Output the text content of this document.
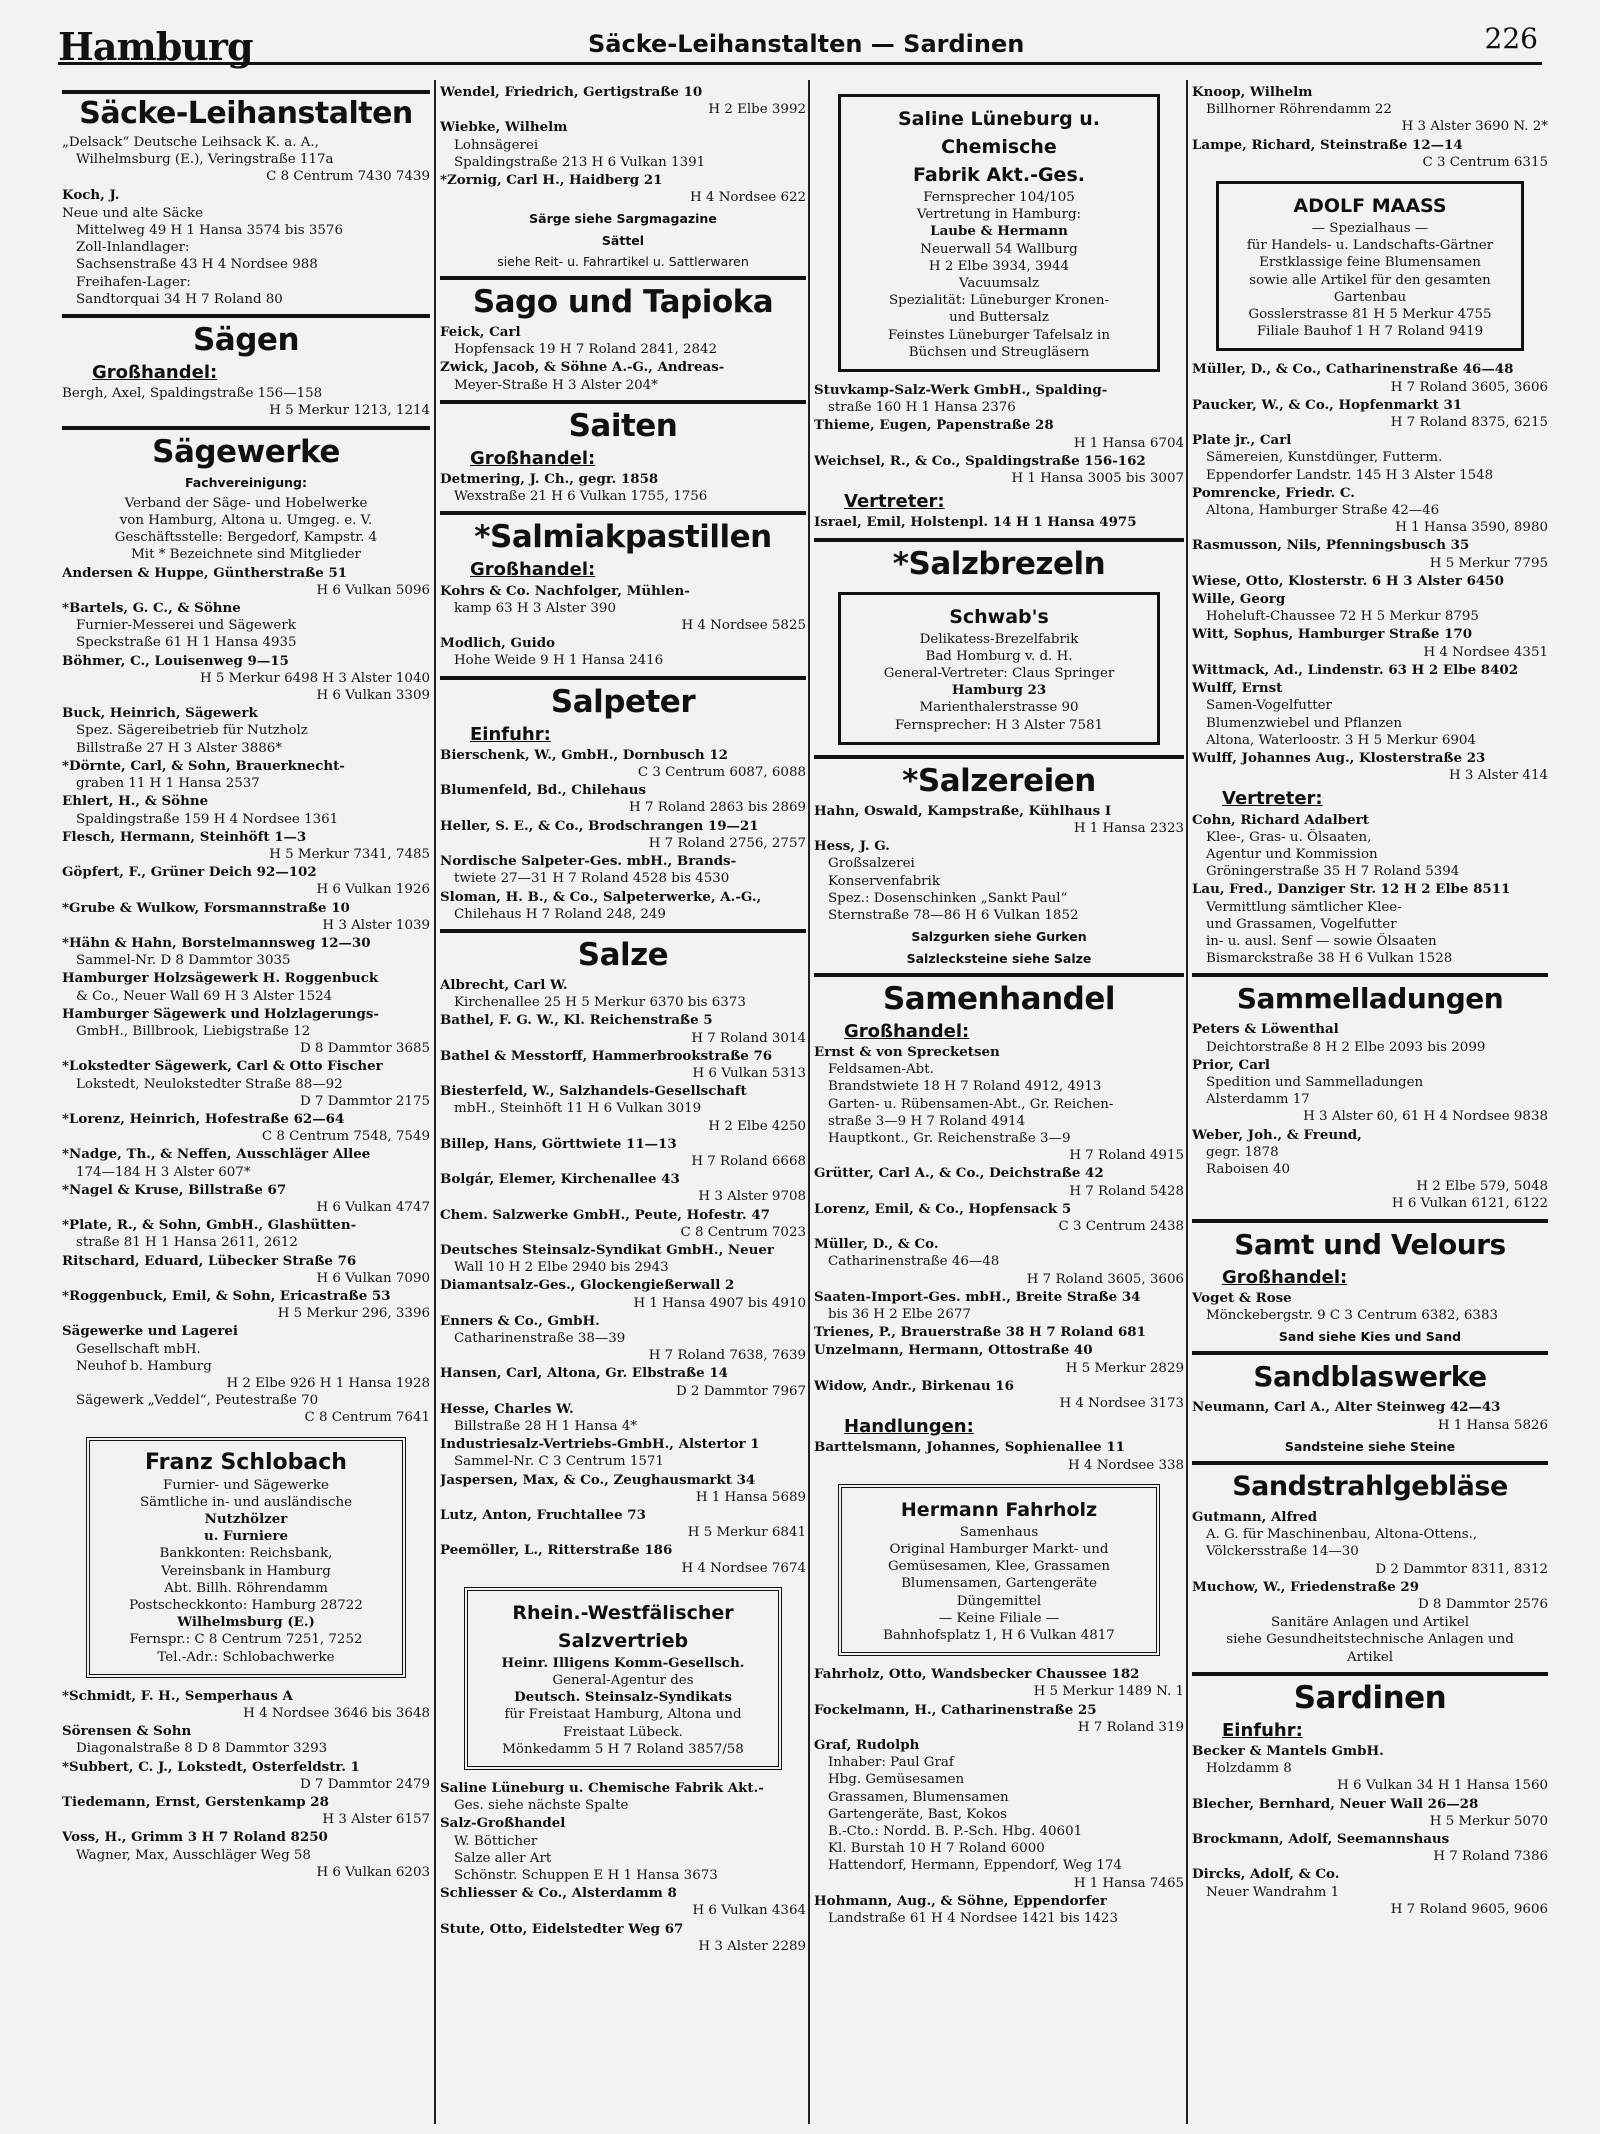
Hamburg	Säcke-Leihanstalten — Sardinen	226
Säcke-Leihanstalten
„Delsack“ Deutsche Leihsack K. a. A.,
Wilhelmsburg (E.), Veringstraße 117a
C 8 Centrum 7430 7439
Koch, J.
Neue und alte Säcke
Mittelweg 49 H 1 Hansa 3574 bis 3576
Zoll-Inlandlager:
Sachsenstraße 43 H 4 Nordsee 988
Freihafen-Lager:
Sandtorquai 34 H 7 Roland 80
Sägen
Großhandel:
Bergh, Axel, Spaldingstraße 156—158
H 5 Merkur 1213, 1214
Sägewerke
Fachvereinigung:
Verband der Säge- und Hobelwerke
von Hamburg, Altona u. Umgeg. e. V.
Geschäftsstelle: Bergedorf, Kampstr. 4
Mit * Bezeichnete sind Mitglieder
Andersen & Huppe, Güntherstraße 51
H 6 Vulkan 5096
*Bartels, G. C., & Söhne
Furnier-Messerei und Sägewerk
Speckstraße 61 H 1 Hansa 4935
Böhmer, C., Louisenweg 9—15
H 5 Merkur 6498 H 3 Alster 1040
H 6 Vulkan 3309
Buck, Heinrich, Sägewerk
Spez. Sägereibetrieb für Nutzholz
Billstraße 27 H 3 Alster 3886*
*Dörnte, Carl, & Sohn, Brauerknecht-
graben 11 H 1 Hansa 2537
Ehlert, H., & Söhne
Spaldingstraße 159 H 4 Nordsee 1361
Flesch, Hermann, Steinhöft 1—3
H 5 Merkur 7341, 7485
Göpfert, F., Grüner Deich 92—102
H 6 Vulkan 1926
*Grube & Wulkow, Forsmannstraße 10
H 3 Alster 1039
*Hähn & Hahn, Borstelmannsweg 12—30
Sammel-Nr. D 8 Dammtor 3035
Hamburger Holzsägewerk H. Roggenbuck
& Co., Neuer Wall 69 H 3 Alster 1524
Hamburger Sägewerk und Holzlagerungs-
GmbH., Billbrook, Liebigstraße 12
D 8 Dammtor 3685
*Lokstedter Sägewerk, Carl & Otto Fischer
Lokstedt, Neulokstedter Straße 88—92
D 7 Dammtor 2175
*Lorenz, Heinrich, Hofestraße 62—64
C 8 Centrum 7548, 7549
*Nadge, Th., & Neffen, Ausschläger Allee
174—184 H 3 Alster 607*
*Nagel & Kruse, Billstraße 67
H 6 Vulkan 4747
*Plate, R., & Sohn, GmbH., Glashütten-
straße 81 H 1 Hansa 2611, 2612
Ritschard, Eduard, Lübecker Straße 76
H 6 Vulkan 7090
*Roggenbuck, Emil, & Sohn, Ericastraße 53
H 5 Merkur 296, 3396
Sägewerke und Lagerei
Gesellschaft mbH.
Neuhof b. Hamburg
H 2 Elbe 926 H 1 Hansa 1928
Sägewerk „Veddel“, Peutestraße 70
C 8 Centrum 7641
Franz Schlobach
Furnier- und Sägewerke
Sämtliche in- und ausländische
Nutzhölzer
u. Furniere
Bankkonten: Reichsbank,
Vereinsbank in Hamburg
Abt. Billh. Röhrendamm
Postscheckkonto: Hamburg 28722
Wilhelmsburg (E.)
Fernspr.: C 8 Centrum 7251, 7252
Tel.-Adr.: Schlobachwerke
*Schmidt, F. H., Semperhaus A
H 4 Nordsee 3646 bis 3648
Sörensen & Sohn
Diagonalstraße 8 D 8 Dammtor 3293
*Subbert, C. J., Lokstedt, Osterfeldstr. 1
D 7 Dammtor 2479
Tiedemann, Ernst, Gerstenkamp 28
H 3 Alster 6157
Voss, H., Grimm 3 H 7 Roland 8250
Wagner, Max, Ausschläger Weg 58
H 6 Vulkan 6203
Wendel, Friedrich, Gertigstraße 10
H 2 Elbe 3992
Wiebke, Wilhelm
Lohnsägerei
Spaldingstraße 213 H 6 Vulkan 1391
*Zornig, Carl H., Haidberg 21
H 4 Nordsee 622
Särge siehe Sargmagazine
Sättel
siehe Reit- u. Fahrartikel u. Sattlerwaren
Sago und Tapioka
Feick, Carl
Hopfensack 19 H 7 Roland 2841, 2842
Zwick, Jacob, & Söhne A.-G., Andreas-
Meyer-Straße H 3 Alster 204*
Saiten
Großhandel:
Detmering, J. Ch., gegr. 1858
Wexstraße 21 H 6 Vulkan 1755, 1756
*Salmiakpastillen
Großhandel:
Kohrs & Co. Nachfolger, Mühlen-
kamp 63 H 3 Alster 390
H 4 Nordsee 5825
Modlich, Guido
Hohe Weide 9 H 1 Hansa 2416
Salpeter
Einfuhr:
Bierschenk, W., GmbH., Dornbusch 12
C 3 Centrum 6087, 6088
Blumenfeld, Bd., Chilehaus
H 7 Roland 2863 bis 2869
Heller, S. E., & Co., Brodschrangen 19—21
H 7 Roland 2756, 2757
Nordische Salpeter-Ges. mbH., Brands-
twiete 27—31 H 7 Roland 4528 bis 4530
Sloman, H. B., & Co., Salpeterwerke, A.-G.,
Chilehaus H 7 Roland 248, 249
Salze
Albrecht, Carl W.
Kirchenallee 25 H 5 Merkur 6370 bis 6373
Bathel, F. G. W., Kl. Reichenstraße 5
H 7 Roland 3014
Bathel & Messtorff, Hammerbrookstraße 76
H 6 Vulkan 5313
Biesterfeld, W., Salzhandels-Gesellschaft
mbH., Steinhöft 11 H 6 Vulkan 3019
H 2 Elbe 4250
Billep, Hans, Görttwiete 11—13
H 7 Roland 6668
Bolgár, Elemer, Kirchenallee 43
H 3 Alster 9708
Chem. Salzwerke GmbH., Peute, Hofestr. 47
C 8 Centrum 7023
Deutsches Steinsalz-Syndikat GmbH., Neuer
Wall 10 H 2 Elbe 2940 bis 2943
Diamantsalz-Ges., Glockengießerwall 2
H 1 Hansa 4907 bis 4910
Enners & Co., GmbH.
Catharinenstraße 38—39
H 7 Roland 7638, 7639
Hansen, Carl, Altona, Gr. Elbstraße 14
D 2 Dammtor 7967
Hesse, Charles W.
Billstraße 28 H 1 Hansa 4*
Industriesalz-Vertriebs-GmbH., Alstertor 1
Sammel-Nr. C 3 Centrum 1571
Jaspersen, Max, & Co., Zeughausmarkt 34
H 1 Hansa 5689
Lutz, Anton, Fruchtallee 73
H 5 Merkur 6841
Peemöller, L., Ritterstraße 186
H 4 Nordsee 7674
Rhein.-Westfälischer Salzvertrieb
Heinr. Illigens Komm-Gesellsch.
General-Agentur des
Deutsch. Steinsalz-Syndikats
für Freistaat Hamburg, Altona und
Freistaat Lübeck.
Mönkedamm 5 H 7 Roland 3857/58
Saline Lüneburg u. Chemische Fabrik Akt.-
Ges. siehe nächste Spalte
Salz-Großhandel
W. Bötticher
Salze aller Art
Schönstr. Schuppen E H 1 Hansa 3673
Schliesser & Co., Alsterdamm 8
H 6 Vulkan 4364
Stute, Otto, Eidelstedter Weg 67
H 3 Alster 2289
Saline Lüneburg u. Chemische
Fabrik Akt.-Ges.
Fernsprecher 104/105
Vertretung in Hamburg:
Laube & Hermann
Neuerwall 54 Wallburg
H 2 Elbe 3934, 3944
Vacuumsalz
Spezialität: Lüneburger Kronen-
und Buttersalz
Feinstes Lüneburger Tafelsalz in
Büchsen und Streugläsern
Stuvkamp-Salz-Werk GmbH., Spalding-
straße 160 H 1 Hansa 2376
Thieme, Eugen, Papenstraße 28
H 1 Hansa 6704
Weichsel, R., & Co., Spaldingstraße 156-162
H 1 Hansa 3005 bis 3007
Vertreter:
Israel, Emil, Holstenpl. 14 H 1 Hansa 4975
*Salzbrezeln
Schwab's
Delikatess-Brezelfabrik
Bad Homburg v. d. H.
General-Vertreter: Claus Springer
Hamburg 23
Marienthalerstrasse 90
Fernsprecher: H 3 Alster 7581
*Salzereien
Hahn, Oswald, Kampstraße, Kühlhaus I
H 1 Hansa 2323
Hess, J. G.
Großsalzerei
Konservenfabrik
Spez.: Dosenschinken „Sankt Paul“
Sternstraße 78—86 H 6 Vulkan 1852
Salzgurken siehe Gurken
Salzlecksteine siehe Salze
Samenhandel
Großhandel:
Ernst & von Sprecketsen
Feldsamen-Abt.
Brandstwiete 18 H 7 Roland 4912, 4913
Garten- u. Rübensamen-Abt., Gr. Reichen-
straße 3—9 H 7 Roland 4914
Hauptkont., Gr. Reichenstraße 3—9
H 7 Roland 4915
Grütter, Carl A., & Co., Deichstraße 42
H 7 Roland 5428
Lorenz, Emil, & Co., Hopfensack 5
C 3 Centrum 2438
Müller, D., & Co.
Catharinenstraße 46—48
H 7 Roland 3605, 3606
Saaten-Import-Ges. mbH., Breite Straße 34
bis 36 H 2 Elbe 2677
Trienes, P., Brauerstraße 38 H 7 Roland 681
Unzelmann, Hermann, Ottostraße 40
H 5 Merkur 2829
Widow, Andr., Birkenau 16
H 4 Nordsee 3173
Handlungen:
Barttelsmann, Johannes, Sophienallee 11
H 4 Nordsee 338
Hermann Fahrholz
Samenhaus
Original Hamburger Markt- und
Gemüsesamen, Klee, Grassamen
Blumensamen, Gartengeräte
Düngemittel
— Keine Filiale —
Bahnhofsplatz 1, H 6 Vulkan 4817
Fahrholz, Otto, Wandsbecker Chaussee 182
H 5 Merkur 1489 N. 1
Fockelmann, H., Catharinenstraße 25
H 7 Roland 319
Graf, Rudolph
Inhaber: Paul Graf
Hbg. Gemüsesamen
Grassamen, Blumensamen
Gartengeräte, Bast, Kokos
B.-Cto.: Nordd. B. P.-Sch. Hbg. 40601
Kl. Burstah 10 H 7 Roland 6000
Hattendorf, Hermann, Eppendorf, Weg 174
H 1 Hansa 7465
Hohmann, Aug., & Söhne, Eppendorfer
Landstraße 61 H 4 Nordsee 1421 bis 1423
Knoop, Wilhelm
Billhorner Röhrendamm 22
H 3 Alster 3690 N. 2*
Lampe, Richard, Steinstraße 12—14
C 3 Centrum 6315
ADOLF MAASS
— Spezialhaus —
für Handels- u. Landschafts-Gärtner
Erstklassige feine Blumensamen
sowie alle Artikel für den gesamten
Gartenbau
Gosslerstrasse 81 H 5 Merkur 4755
Filiale Bauhof 1 H 7 Roland 9419
Müller, D., & Co., Catharinenstraße 46—48
H 7 Roland 3605, 3606
Paucker, W., & Co., Hopfenmarkt 31
H 7 Roland 8375, 6215
Plate jr., Carl
Sämereien, Kunstdünger, Futterm.
Eppendorfer Landstr. 145 H 3 Alster 1548
Pomrencke, Friedr. C.
Altona, Hamburger Straße 42—46
H 1 Hansa 3590, 8980
Rasmusson, Nils, Pfenningsbusch 35
H 5 Merkur 7795
Wiese, Otto, Klosterstr. 6 H 3 Alster 6450
Wille, Georg
Hoheluft-Chaussee 72 H 5 Merkur 8795
Witt, Sophus, Hamburger Straße 170
H 4 Nordsee 4351
Wittmack, Ad., Lindenstr. 63 H 2 Elbe 8402
Wulff, Ernst
Samen-Vogelfutter
Blumenzwiebel und Pflanzen
Altona, Waterloostr. 3 H 5 Merkur 6904
Wulff, Johannes Aug., Klosterstraße 23
H 3 Alster 414
Vertreter:
Cohn, Richard Adalbert
Klee-, Gras- u. Ölsaaten,
Agentur und Kommission
Gröningerstraße 35 H 7 Roland 5394
Lau, Fred., Danziger Str. 12 H 2 Elbe 8511
Vermittlung sämtlicher Klee-
und Grassamen, Vogelfutter
in- u. ausl. Senf — sowie Ölsaaten
Bismarckstraße 38 H 6 Vulkan 1528
Sammelladungen
Peters & Löwenthal
Deichtorstraße 8 H 2 Elbe 2093 bis 2099
Prior, Carl
Spedition und Sammelladungen
Alsterdamm 17
H 3 Alster 60, 61 H 4 Nordsee 9838
Weber, Joh., & Freund,
gegr. 1878
Raboisen 40
H 2 Elbe 579, 5048
H 6 Vulkan 6121, 6122
Samt und Velours
Großhandel:
Voget & Rose
Mönckebergstr. 9 C 3 Centrum 6382, 6383
Sand siehe Kies und Sand
Sandblaswerke
Neumann, Carl A., Alter Steinweg 42—43
H 1 Hansa 5826
Sandsteine siehe Steine
Sandstrahlgebläse
Gutmann, Alfred
A. G. für Maschinenbau, Altona-Ottens.,
Völckersstraße 14—30
D 2 Dammtor 8311, 8312
Muchow, W., Friedenstraße 29
D 8 Dammtor 2576
Sanitäre Anlagen und Artikel
siehe Gesundheitstechnische Anlagen und
Artikel
Sardinen
Einfuhr:
Becker & Mantels GmbH.
Holzdamm 8
H 6 Vulkan 34 H 1 Hansa 1560
Blecher, Bernhard, Neuer Wall 26—28
H 5 Merkur 5070
Brockmann, Adolf, Seemannshaus
H 7 Roland 7386
Dircks, Adolf, & Co.
Neuer Wandrahm 1
H 7 Roland 9605, 9606
